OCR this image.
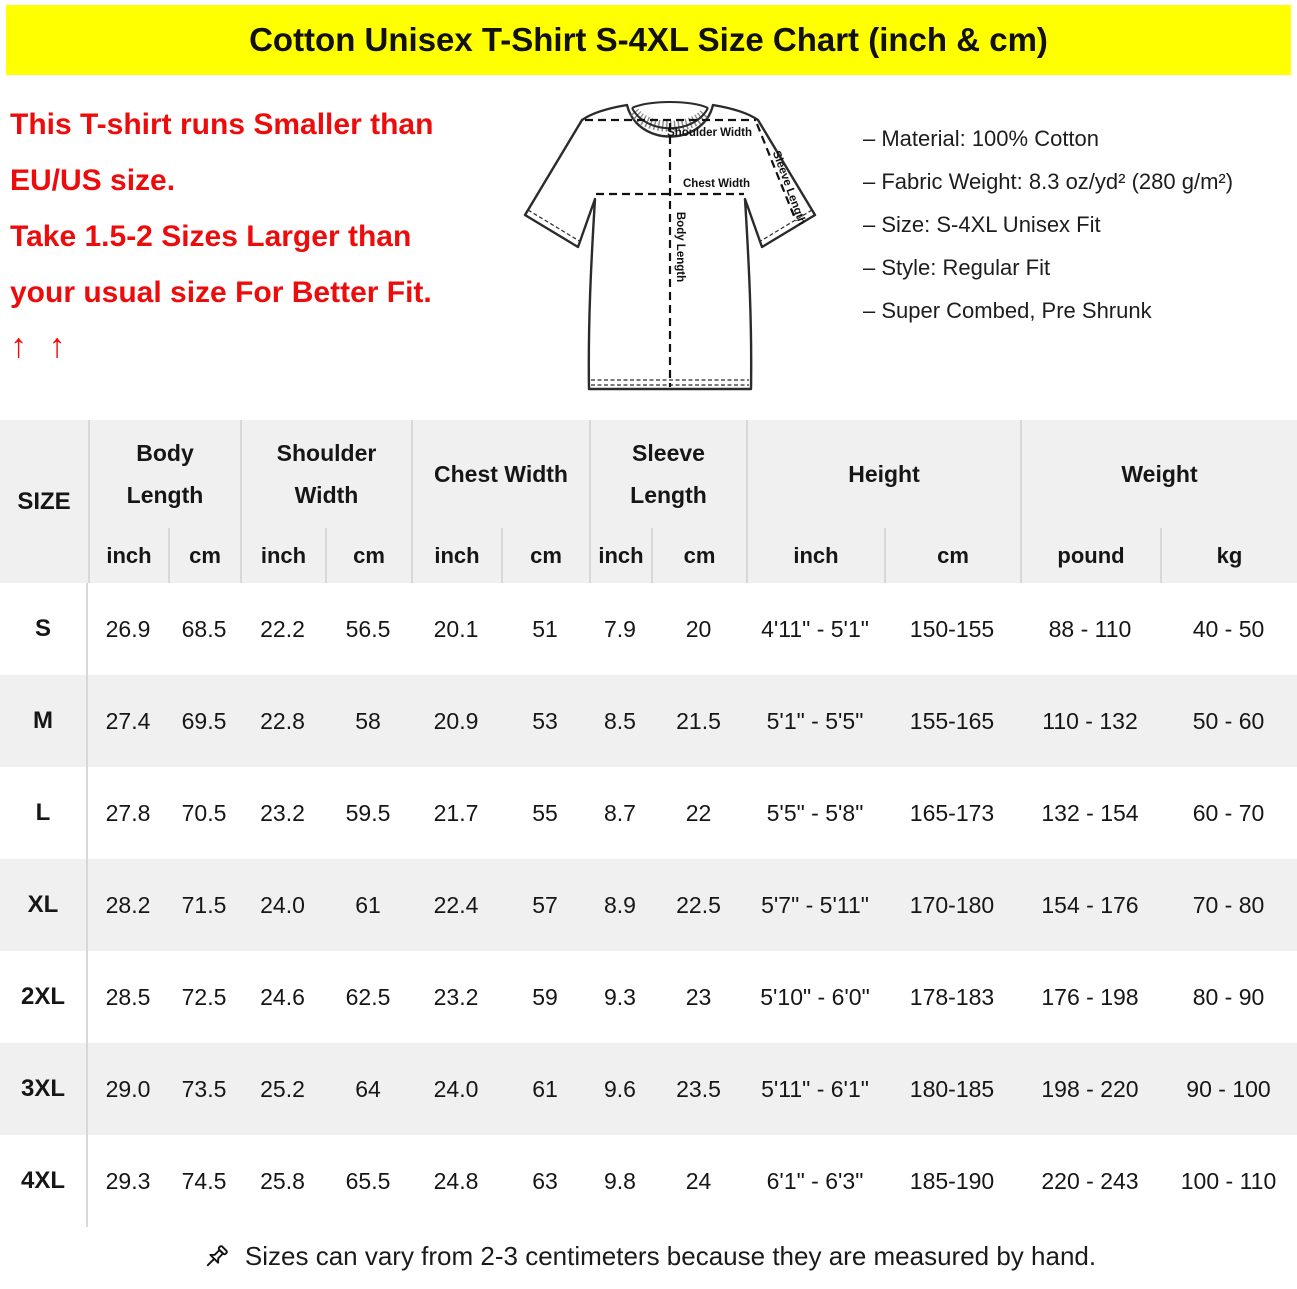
Cotton Unisex T-Shirt S-4XL Size Chart (inch & cm)
This T-shirt runs Smaller than
EU/US size.
Take 1.5-2 Sizes Larger than
your usual size For Better Fit.
↑ ↑
Shoulder Width
Chest Width
Body Length
Sleeve Length
– Material: 100% Cotton
– Fabric Weight: 8.3 oz/yd² (280 g/m²)
– Size: S-4XL Unisex Fit
– Style: Regular Fit
– Super Combed, Pre Shrunk
SIZE
Body
Length
inch	cm
Shoulder
Width
inch	cm
Chest Width
inch	cm
Sleeve
Length
inch	cm
Height
inch	cm
Weight
pound	kg
S	26.9	68.5	22.2	56.5	20.1	51	7.9	20	4'11" - 5'1"	150-155	88 - 110	40 - 50
M	27.4	69.5	22.8	58	20.9	53	8.5	21.5	5'1" - 5'5"	155-165	110 - 132	50 - 60
L	27.8	70.5	23.2	59.5	21.7	55	8.7	22	5'5" - 5'8"	165-173	132 - 154	60 - 70
XL	28.2	71.5	24.0	61	22.4	57	8.9	22.5	5'7" - 5'11"	170-180	154 - 176	70 - 80
2XL	28.5	72.5	24.6	62.5	23.2	59	9.3	23	5'10" - 6'0"	178-183	176 - 198	80 - 90
3XL	29.0	73.5	25.2	64	24.0	61	9.6	23.5	5'11" - 6'1"	180-185	198 - 220	90 - 100
4XL	29.3	74.5	25.8	65.5	24.8	63	9.8	24	6'1" - 6'3"	185-190	220 - 243	100 - 110
Sizes can vary from 2-3 centimeters because they are measured by hand.
